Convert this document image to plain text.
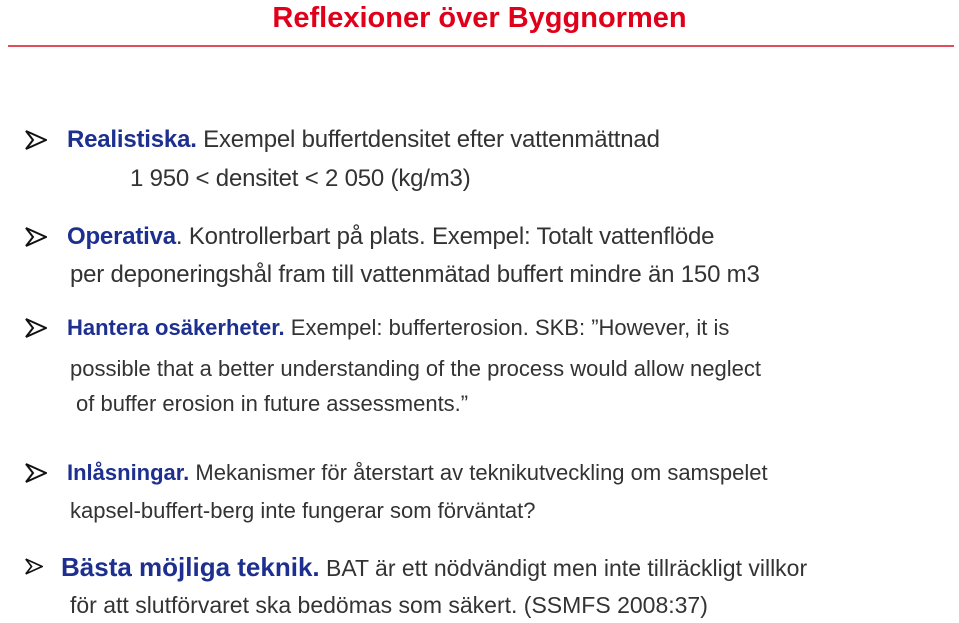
Reflexioner över Byggnormen
Realistiska. Exempel buffertdensitet efter vattenmättnad
1 950 < densitet < 2 050 (kg/m3)
Operativa. Kontrollerbart på plats. Exempel: Totalt vattenflöde
per deponeringshål fram till vattenmätad buffert mindre än 150 m3
Hantera osäkerheter. Exempel: bufferterosion. SKB: ”However, it is
possible that a better understanding of the process would allow neglect
of buffer erosion in future assessments.”
Inlåsningar. Mekanismer för återstart av teknikutveckling om samspelet
kapsel-buffert-berg inte fungerar som förväntat?
Bästa möjliga teknik. BAT är ett nödvändigt men inte tillräckligt villkor
för att slutförvaret ska bedömas som säkert. (SSMFS 2008:37)
